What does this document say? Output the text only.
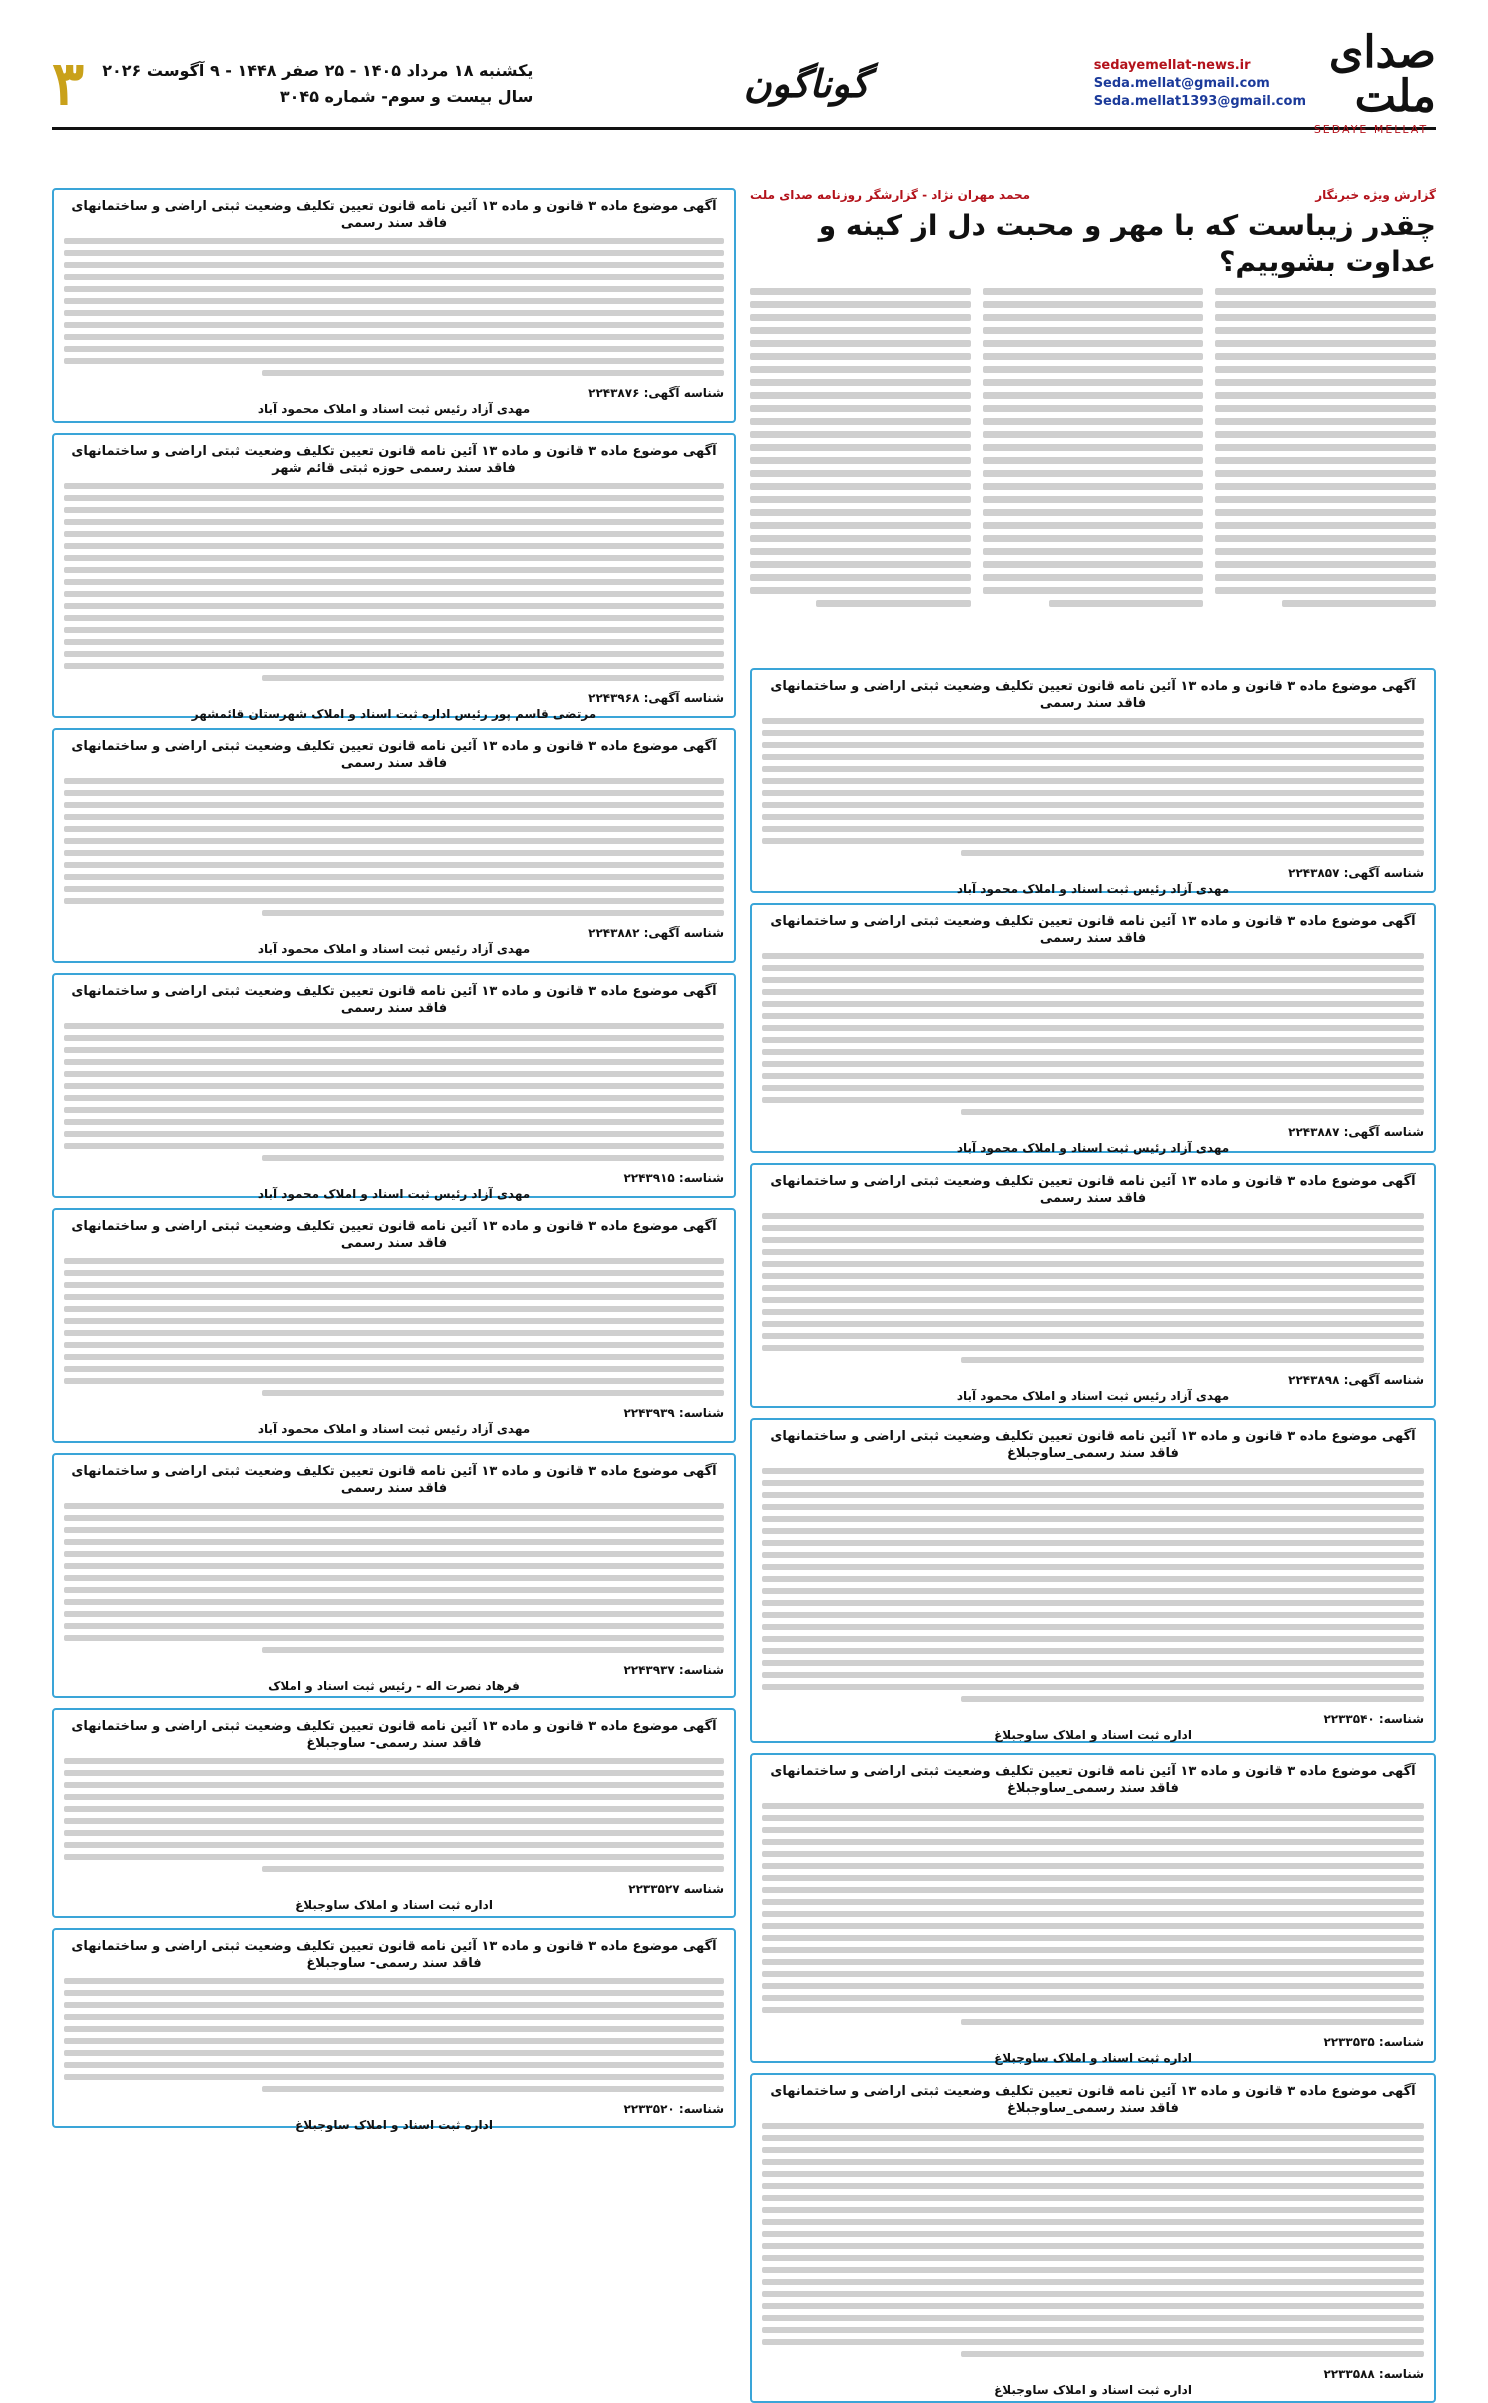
صدای ملت
SEDAYE MELLAT
sedayemellat-news.ir
Seda.mellat@gmail.com
Seda.mellat1393@gmail.com
گوناگون
یکشنبه ۱۸ مرداد ۱۴۰۵ - ۲۵ صفر ۱۴۴۸ - ۹ آگوست ۲۰۲۶
سال بیست و سوم- شماره ۳۰۴۵
۳
گزارش ویژه خبرنگار
محمد مهران نژاد - گزارشگر روزنامه صدای ملت
چقدر زیباست که با مهر و محبت دل از کینه و عداوت بشوییم؟
آگهی موضوع ماده ۳ قانون و ماده ۱۳ آئین نامه قانون تعیین تکلیف وضعیت ثبتی اراضی و ساختمانهای فاقد سند رسمی
شناسه آگهی: ۲۲۴۳۸۵۷
مهدی آزاد رئیس ثبت اسناد و املاک محمود آباد
آگهی موضوع ماده ۳ قانون و ماده ۱۳ آئین نامه قانون تعیین تکلیف وضعیت ثبتی اراضی و ساختمانهای فاقد سند رسمی
شناسه آگهی: ۲۲۴۳۸۸۷
مهدی آزاد رئیس ثبت اسناد و املاک محمود آباد
آگهی موضوع ماده ۳ قانون و ماده ۱۳ آئین نامه قانون تعیین تکلیف وضعیت ثبتی اراضی و ساختمانهای فاقد سند رسمی
شناسه آگهی: ۲۲۴۳۸۹۸
مهدی آزاد رئیس ثبت اسناد و املاک محمود آباد
آگهی موضوع ماده ۳ قانون و ماده ۱۳ آئین نامه قانون تعیین تکلیف وضعیت ثبتی اراضی و ساختمانهای فاقد سند رسمی_ساوجبلاغ
شناسه: ۲۲۳۳۵۴۰
اداره ثبت اسناد و املاک ساوجبلاغ
آگهی موضوع ماده ۳ قانون و ماده ۱۳ آئین نامه قانون تعیین تکلیف وضعیت ثبتی اراضی و ساختمانهای فاقد سند رسمی_ساوجبلاغ
شناسه: ۲۲۳۳۵۳۵
اداره ثبت اسناد و املاک ساوجبلاغ
آگهی موضوع ماده ۳ قانون و ماده ۱۳ آئین نامه قانون تعیین تکلیف وضعیت ثبتی اراضی و ساختمانهای فاقد سند رسمی_ساوجبلاغ
شناسه: ۲۲۳۳۵۸۸
اداره ثبت اسناد و املاک ساوجبلاغ
آگهی موضوع ماده ۳ قانون و ماده ۱۳ آئین نامه قانون تعیین تکلیف وضعیت ثبتی اراضی و ساختمانهای فاقد سند رسمی
شناسه آگهی: ۲۲۴۳۸۷۶
مهدی آزاد رئیس ثبت اسناد و املاک محمود آباد
آگهی موضوع ماده ۳ قانون و ماده ۱۳ آئین نامه قانون تعیین تکلیف وضعیت ثبتی اراضی و ساختمانهای فاقد سند رسمی حوزه ثبتی قائم شهر
شناسه آگهی: ۲۲۴۳۹۶۸
مرتضی قاسم پور رئیس اداره ثبت اسناد و املاک شهرستان قائمشهر
آگهی موضوع ماده ۳ قانون و ماده ۱۳ آئین نامه قانون تعیین تکلیف وضعیت ثبتی اراضی و ساختمانهای فاقد سند رسمی
شناسه آگهی: ۲۲۴۳۸۸۲
مهدی آزاد رئیس ثبت اسناد و املاک محمود آباد
آگهی موضوع ماده ۳ قانون و ماده ۱۳ آئین نامه قانون تعیین تکلیف وضعیت ثبتی اراضی و ساختمانهای فاقد سند رسمی
شناسه: ۲۲۴۳۹۱۵
مهدی آزاد رئیس ثبت اسناد و املاک محمود آباد
آگهی موضوع ماده ۳ قانون و ماده ۱۳ آئین نامه قانون تعیین تکلیف وضعیت ثبتی اراضی و ساختمانهای فاقد سند رسمی
شناسه: ۲۲۴۳۹۳۹
مهدی آزاد رئیس ثبت اسناد و املاک محمود آباد
آگهی موضوع ماده ۳ قانون و ماده ۱۳ آئین نامه قانون تعیین تکلیف وضعیت ثبتی اراضی و ساختمانهای فاقد سند رسمی
شناسه: ۲۲۴۳۹۳۷
فرهاد نصرت اله - رئیس ثبت اسناد و املاک
آگهی موضوع ماده ۳ قانون و ماده ۱۳ آئین نامه قانون تعیین تکلیف وضعیت ثبتی اراضی و ساختمانهای فاقد سند رسمی- ساوجبلاغ
شناسه ۲۲۳۳۵۲۷
اداره ثبت اسناد و املاک ساوجبلاغ
آگهی موضوع ماده ۳ قانون و ماده ۱۳ آئین نامه قانون تعیین تکلیف وضعیت ثبتی اراضی و ساختمانهای فاقد سند رسمی- ساوجبلاغ
شناسه: ۲۲۳۳۵۲۰
اداره ثبت اسناد و املاک ساوجبلاغ
